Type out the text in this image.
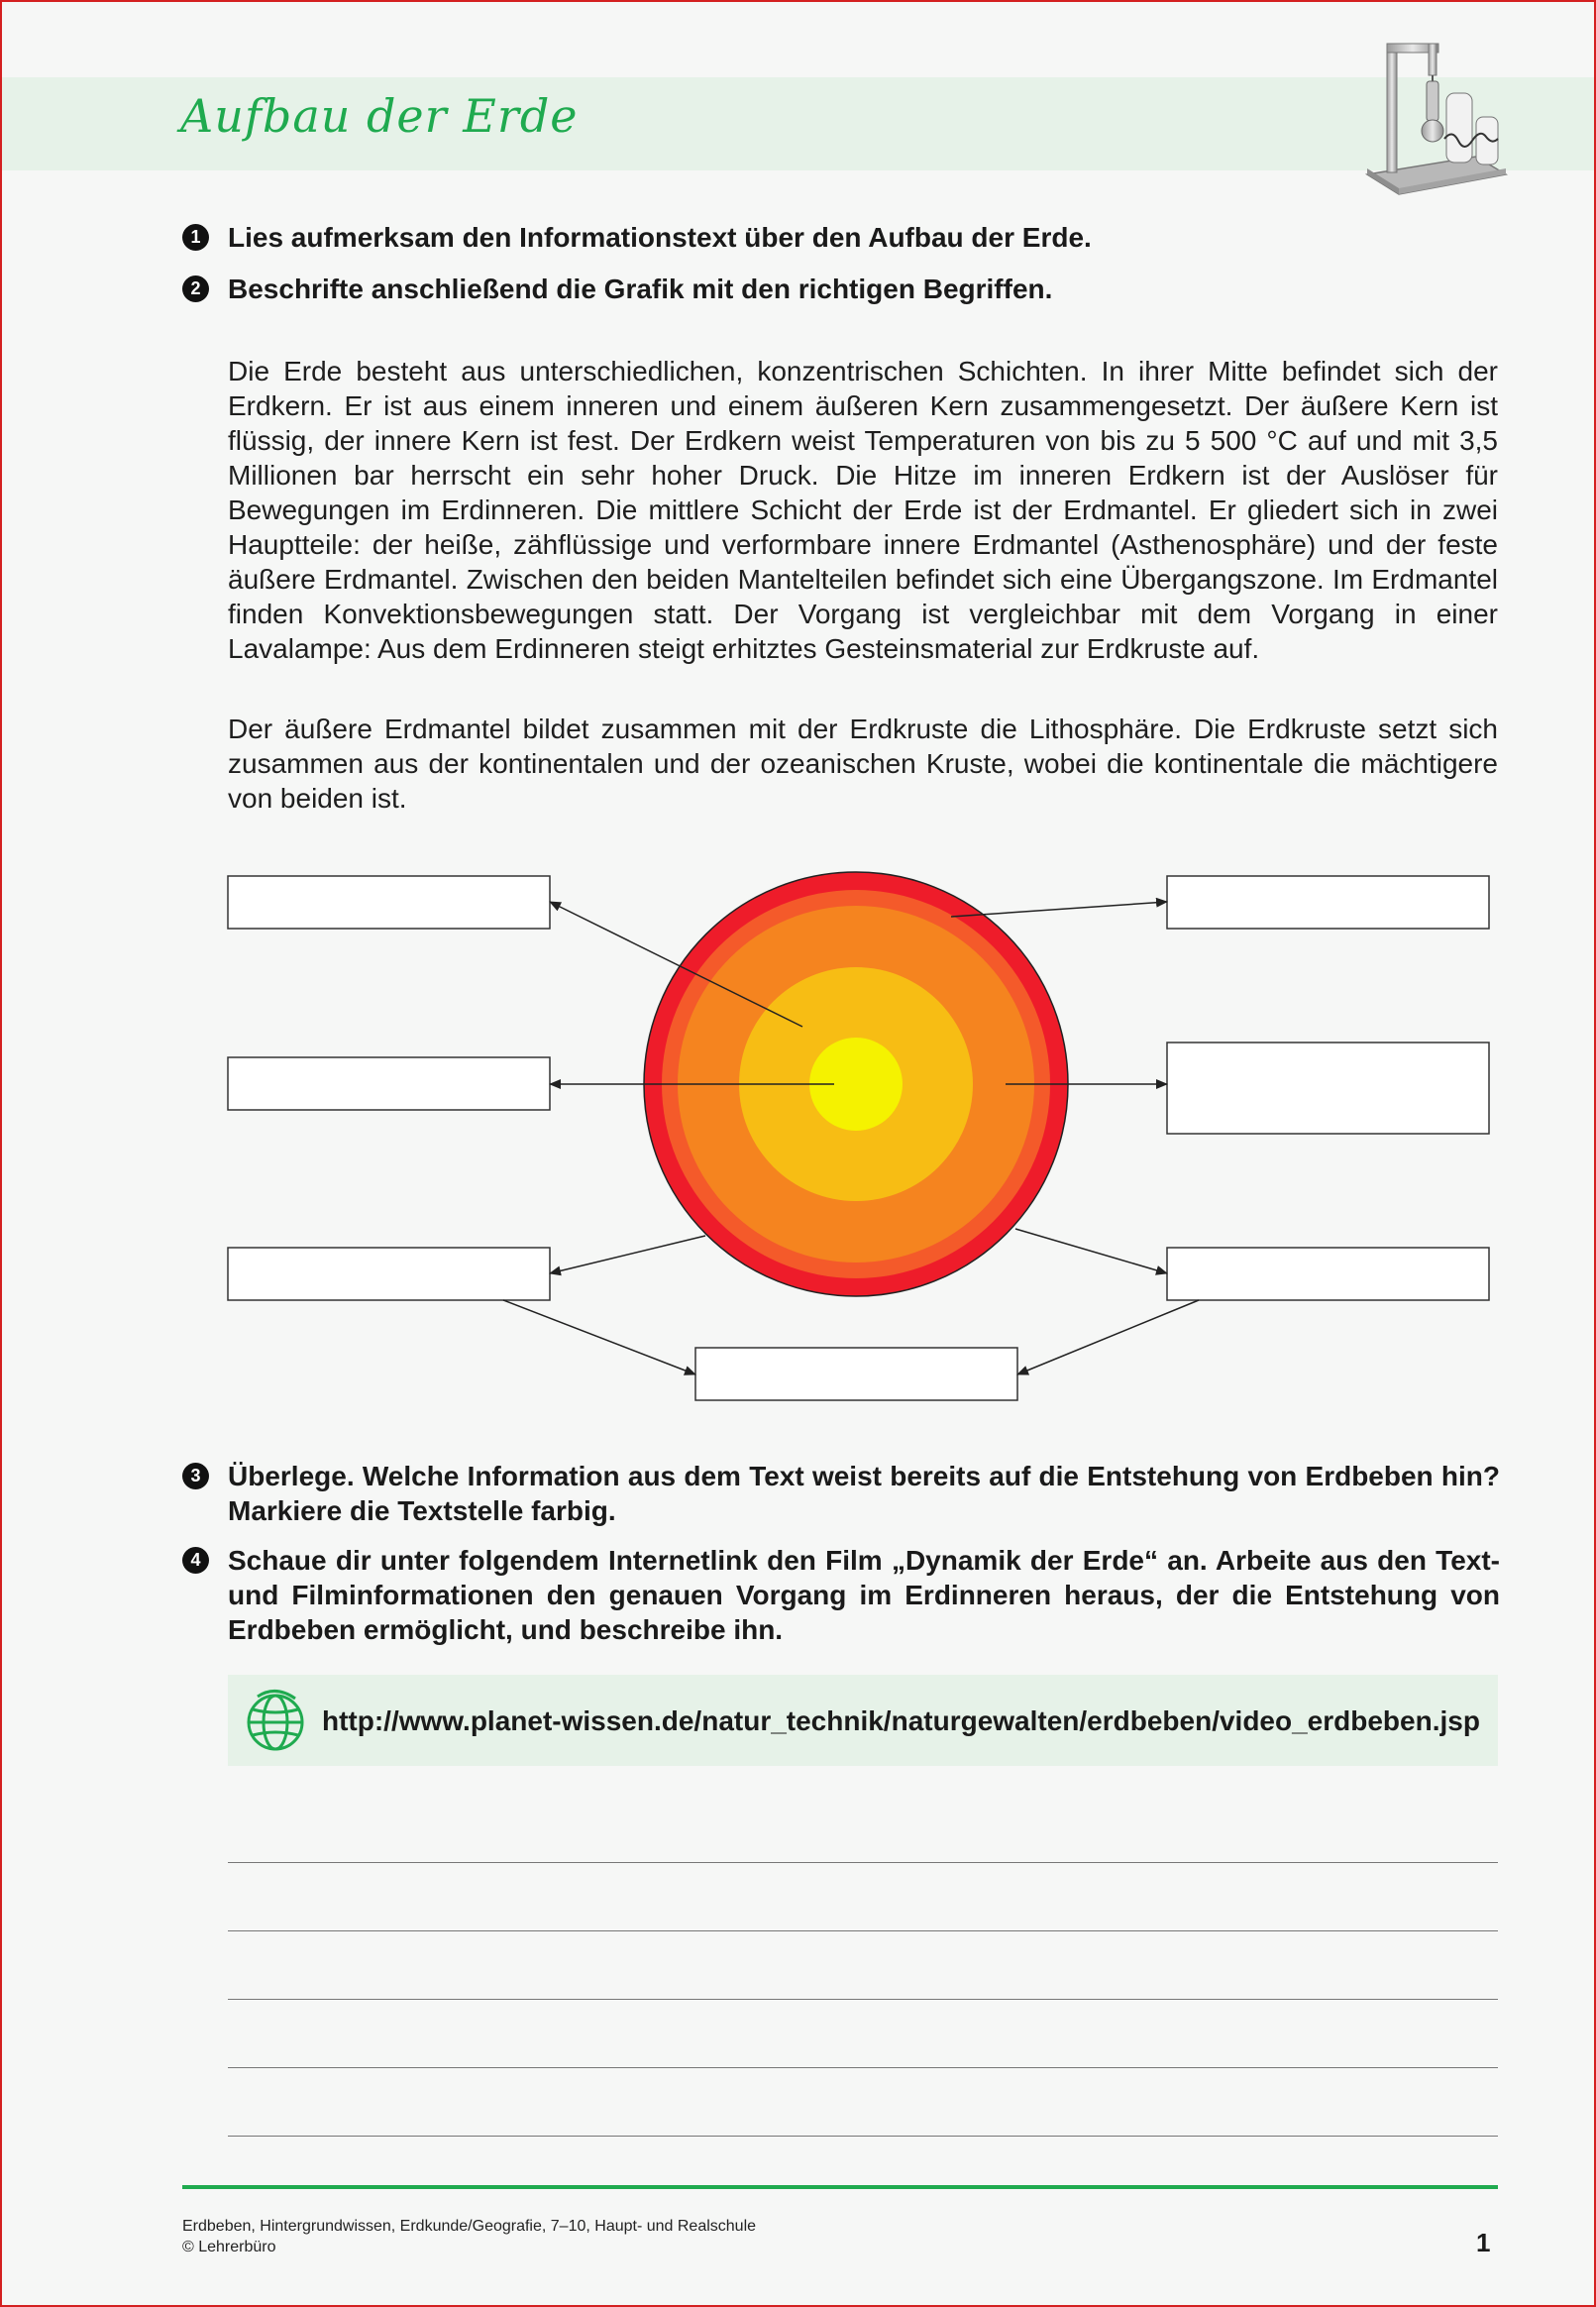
Aufbau der Erde
1 Lies aufmerksam den Informationstext über den Aufbau der Erde.
2 Beschrifte anschließend die Grafik mit den richtigen Begriffen.
Die Erde besteht aus unterschiedlichen, konzentrischen Schichten. In ihrer Mitte befindet sich der Erdkern. Er ist aus einem inneren und einem äußeren Kern zusammengesetzt. Der äußere Kern ist flüssig, der innere Kern ist fest. Der Erdkern weist Temperaturen von bis zu 5 500 °C auf und mit 3,5 Millionen bar herrscht ein sehr hoher Druck. Die Hitze im inneren Erdkern ist der Auslöser für Bewegungen im Erdinneren. Die mittlere Schicht der Erde ist der Erdmantel. Er gliedert sich in zwei Hauptteile: der heiße, zähflüssige und verformbare innere Erdmantel (Asthenosphäre) und der feste äußere Erdmantel. Zwischen den beiden Mantelteilen befindet sich eine Übergangszone. Im Erdmantel finden Konvektionsbewegungen statt. Der Vorgang ist vergleichbar mit dem Vorgang in einer Lavalampe: Aus dem Erdinneren steigt erhitztes Gesteinsmaterial zur Erdkruste auf.
Der äußere Erdmantel bildet zusammen mit der Erdkruste die Lithosphäre. Die Erdkruste setzt sich zusammen aus der kontinentalen und der ozeanischen Kruste, wobei die kontinentale die mächtigere von beiden ist.
3 Überlege. Welche Information aus dem Text weist bereits auf die Entstehung von Erdbeben hin? Markiere die Textstelle farbig.
4 Schaue dir unter folgendem Internetlink den Film „Dynamik der Erde“ an. Arbeite aus den Text- und Filminformationen den genauen Vorgang im Erdinneren heraus, der die Entstehung von Erdbeben ermöglicht, und beschreibe ihn.
http://www.planet-wissen.de/natur_technik/naturgewalten/erdbeben/video_erdbeben.jsp
Erdbeben, Hintergrundwissen, Erdkunde/Geografie, 7–10, Haupt- und Realschule
© Lehrerbüro	1
